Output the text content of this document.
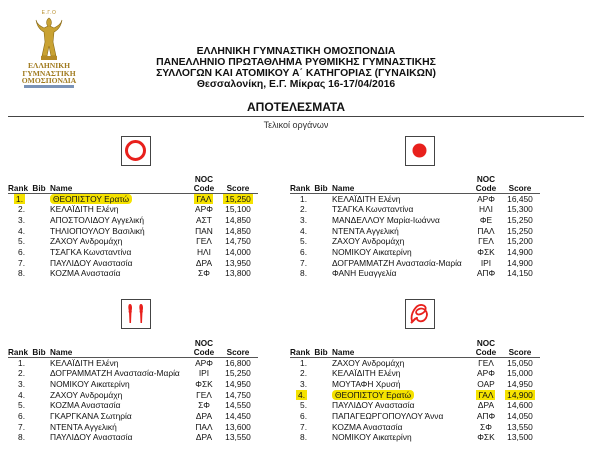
Ε.Γ.Ο
ΕΛΛΗΝΙΚΗ
ΓΥΜΝΑΣΤΙΚΗ
ΟΜΟΣΠΟΝΔΙΑ
ΕΛΛΗΝΙΚΗ ΓΥΜΝΑΣΤΙΚΗ ΟΜΟΣΠΟΝΔΙΑ
ΠΑΝΕΛΛΗΝΙΟ ΠΡΩΤΑΘΛΗΜΑ ΡΥΘΜΙΚΗΣ ΓΥΜΝΑΣΤΙΚΗΣ
ΣΥΛΛΟΓΩΝ ΚΑΙ ΑΤΟΜΙΚΟΥ Α΄ ΚΑΤΗΓΟΡΙΑΣ (ΓΥΝΑΙΚΩΝ)
Θεσσαλονίκη, Ε.Γ. Μίκρας 16-17/04/2016
ΑΠΟΤΕΛΕΣΜΑΤΑ
Τελικοί οργάνων
Rank	Bib	Name	NOC Code	Score
1.		ΘΕΟΠΙΣΤΟΥ Ερατώ	ΓΑΛ	15,250
2.		ΚΕΛΑΪΔΙΤΗ Ελένη	ΑΡΦ	15,100
3.		ΑΠΟΣΤΟΛΙΔΟΥ Αγγελική	ΑΣΤ	14,850
4.		ΤΗΛΙΟΠΟΥΛΟΥ Βασιλική	ΠΑΝ	14,850
5.		ΖΑΧΟΥ Ανδρομάχη	ΓΕΛ	14,750
6.		ΤΣΑΓΚΑ Κωνσταντίνα	ΗΛΙ	14,000
7.		ΠΑΥΛΙΔΟΥ Αναστασία	ΔΡΑ	13,950
8.		ΚΟΖΜΑ Αναστασία	ΣΦ	13,800
Rank	Bib	Name	NOC Code	Score
1.		ΚΕΛΑΪΔΙΤΗ Ελένη	ΑΡΦ	16,450
2.		ΤΣΑΓΚΑ Κωνσταντίνα	ΗΛΙ	15,300
3.		ΜΑΝΔΕΛΛΟΥ Μαρία-Ιωάννα	ΦΕ	15,250
4.		ΝΤΕΝΤΑ Αγγελική	ΠΑΛ	15,250
5.		ΖΑΧΟΥ Ανδρομάχη	ΓΕΛ	15,200
6.		ΝΟΜΙΚΟΥ Αικατερίνη	ΦΣΚ	14,900
7.		ΔΟΓΡΑΜΜΑΤΖΗ Αναστασία-Μαρία	ΙΡΙ	14,900
8.		ΦΑΝΗ Ευαγγελία	ΑΠΦ	14,150
Rank	Bib	Name	NOC Code	Score
1.		ΚΕΛΑΪΔΙΤΗ Ελένη	ΑΡΦ	16,800
2.		ΔΟΓΡΑΜΜΑΤΖΗ Αναστασία-Μαρία	ΙΡΙ	15,250
3.		ΝΟΜΙΚΟΥ Αικατερίνη	ΦΣΚ	14,950
4.		ΖΑΧΟΥ Ανδρομάχη	ΓΕΛ	14,750
5.		ΚΟΖΜΑ Αναστασία	ΣΦ	14,550
6.		ΓΚΑΡΓΚΑΝΑ Σωτηρία	ΔΡΑ	14,450
7.		ΝΤΕΝΤΑ Αγγελική	ΠΑΛ	13,600
8.		ΠΑΥΛΙΔΟΥ Αναστασία	ΔΡΑ	13,550
Rank	Bib	Name	NOC Code	Score
1.		ΖΑΧΟΥ Ανδρομάχη	ΓΕΛ	15,050
2.		ΚΕΛΑΪΔΙΤΗ Ελένη	ΑΡΦ	15,000
3.		ΜΟΥΤΑΦΗ Χρυσή	ΟΑΡ	14,950
4.		ΘΕΟΠΙΣΤΟΥ Ερατώ	ΓΑΛ	14,900
5.		ΠΑΥΛΙΔΟΥ Αναστασία	ΔΡΑ	14,600
6.		ΠΑΠΑΓΕΩΡΓΟΠΟΥΛΟΥ Άννα	ΑΠΦ	14,050
7.		ΚΟΖΜΑ Αναστασία	ΣΦ	13,550
8.		ΝΟΜΙΚΟΥ Αικατερίνη	ΦΣΚ	13,500
